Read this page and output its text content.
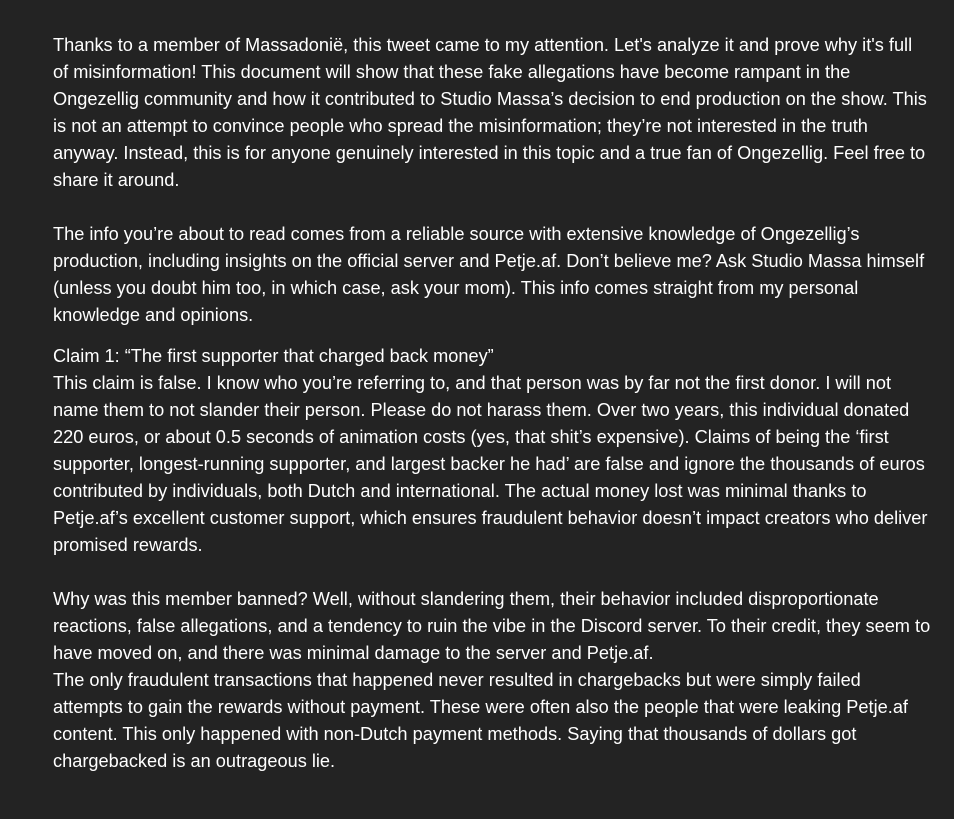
Thanks to a member of Massadonië, this tweet came to my attention. Let's analyze it and prove why it's full of misinformation! This document will show that these fake allegations have become rampant in the Ongezellig community and how it contributed to Studio Massa’s decision to end production on the show. This is not an attempt to convince people who spread the misinformation; they’re not interested in the truth anyway. Instead, this is for anyone genuinely interested in this topic and a true fan of Ongezellig. Feel free to share it around.

The info you’re about to read comes from a reliable source with extensive knowledge of Ongezellig’s production, including insights on the official server and Petje.af. Don’t believe me? Ask Studio Massa himself (unless you doubt him too, in which case, ask your mom). This info comes straight from my personal knowledge and opinions.

Claim 1: “The first supporter that charged back money”

This claim is false. I know who you’re referring to, and that person was by far not the first donor. I will not name them to not slander their person. Please do not harass them. Over two years, this individual donated 220 euros, or about 0.5 seconds of animation costs (yes, that shit’s expensive). Claims of being the ‘first supporter, longest-running supporter, and largest backer he had’ are false and ignore the thousands of euros contributed by individuals, both Dutch and international. The actual money lost was minimal thanks to Petje.af’s excellent customer support, which ensures fraudulent behavior doesn’t impact creators who deliver promised rewards.

Why was this member banned? Well, without slandering them, their behavior included disproportionate reactions, false allegations, and a tendency to ruin the vibe in the Discord server. To their credit, they seem to have moved on, and there was minimal damage to the server and Petje.af.

The only fraudulent transactions that happened never resulted in chargebacks but were simply failed attempts to gain the rewards without payment. These were often also the people that were leaking Petje.af content. This only happened with non-Dutch payment methods. Saying that thousands of dollars got chargebacked is an outrageous lie.
